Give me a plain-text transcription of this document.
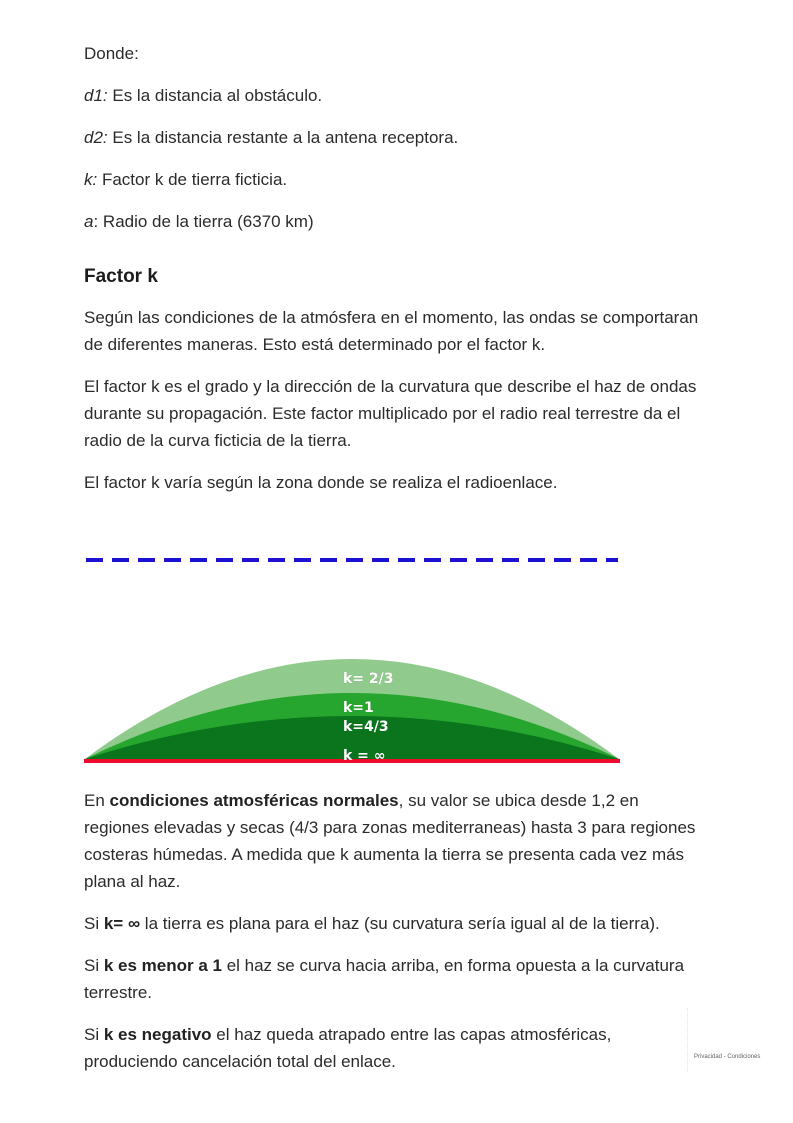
Donde:

d1: Es la distancia al obstáculo.

d2: Es la distancia restante a la antena receptora.

k: Factor k de tierra ficticia.

a: Radio de la tierra (6370 km)

Factor k

Según las condiciones de la atmósfera en el momento, las ondas se comportaran de diferentes maneras. Esto está determinado por el factor k.

El factor k es el grado y la dirección de la curvatura que describe el haz de ondas durante su propagación. Este factor multiplicado por el radio real terrestre da el radio de la curva ficticia de la tierra.

El factor k varía según la zona donde se realiza el radioenlace.

k= 2/3
k=1
k=4/3
k = ∞

En condiciones atmosféricas normales, su valor se ubica desde 1,2 en regiones elevadas y secas (4/3 para zonas mediterraneas) hasta 3 para regiones costeras húmedas. A medida que k aumenta la tierra se presenta cada vez más plana al haz.

Si k= ∞ la tierra es plana para el haz (su curvatura sería igual al de la tierra).

Si k es menor a 1 el haz se curva hacia arriba, en forma opuesta a la curvatura terrestre.

Si k es negativo el haz queda atrapado entre las capas atmosféricas, produciendo cancelación total del enlace.	Privacidad - Condiciones
